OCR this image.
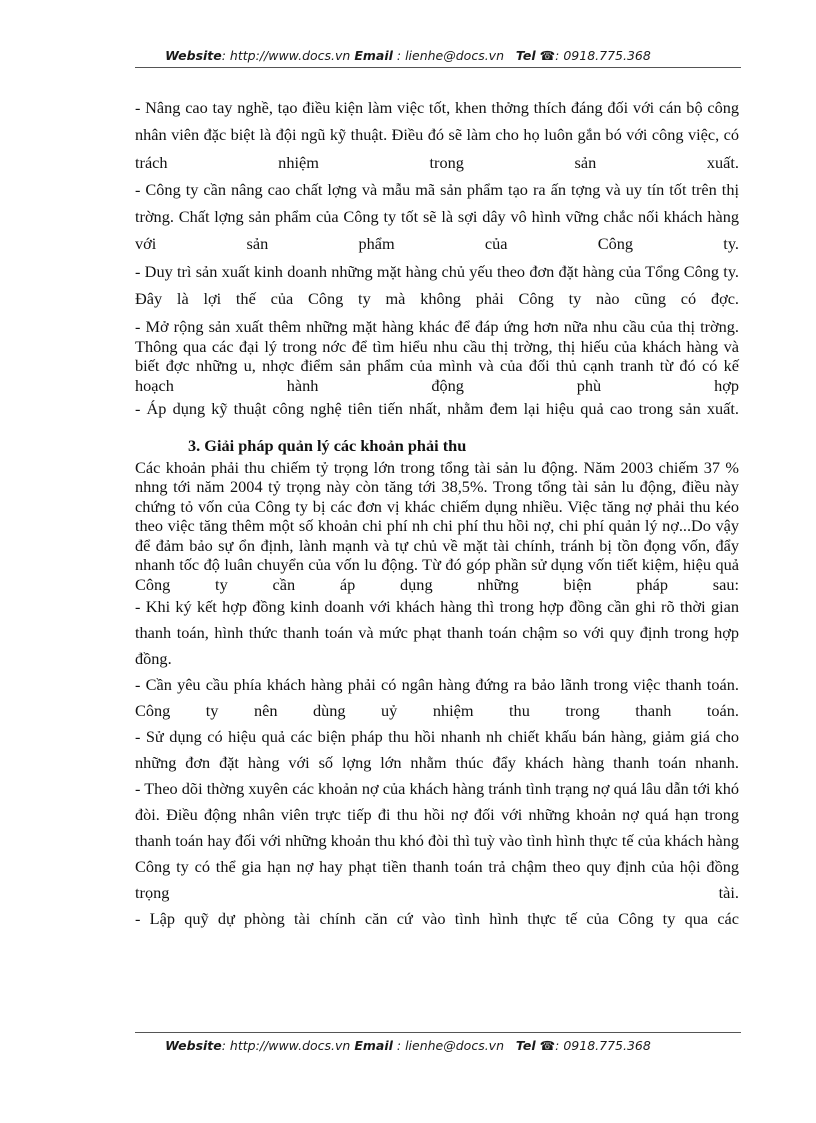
Website: http://www.docs.vn Email : lienhe@docs.vn Tel ☎: 0918.775.368

- Nâng cao tay nghề, tạo điều kiện làm việc tốt, khen thởng thích đáng đối với cán bộ công nhân viên đặc biệt là đội ngũ kỹ thuật. Điều đó sẽ làm cho họ luôn gắn bó với công việc, có trách nhiệm trong sản xuất.

- Công ty cần nâng cao chất lợng và mẫu mã sản phẩm tạo ra ấn tợng và uy tín tốt trên thị trờng. Chất lợng sản phẩm của Công ty tốt sẽ là sợi dây vô hình vững chắc nối khách hàng với sản phẩm của Công ty.

- Duy trì sản xuất kinh doanh những mặt hàng chủ yếu theo đơn đặt hàng của Tổng Công ty. Đây là lợi thế của Công ty mà không phải Công ty nào cũng có đợc.

- Mở rộng sản xuất thêm những mặt hàng khác để đáp ứng hơn nữa nhu cầu của thị trờng. Thông qua các đại lý trong nớc để tìm hiểu nhu cầu thị trờng, thị hiếu của khách hàng và biết đợc những u, nhợc điểm sản phẩm của mình và của đối thủ cạnh tranh từ đó có kế hoạch hành động phù hợp

- Áp dụng kỹ thuật công nghệ tiên tiến nhất, nhằm đem lại hiệu quả cao trong sản xuất.

3. Giải pháp quản lý các khoản phải thu

Các khoản phải thu chiếm tỷ trọng lớn trong tổng tài sản lu động. Năm 2003 chiếm 37 % nhng tới năm 2004 tỷ trọng này còn tăng tới 38,5%. Trong tổng tài sản lu động, điều này chứng tỏ vốn của Công ty bị các đơn vị khác chiếm dụng nhiều. Việc tăng nợ phải thu kéo theo việc tăng thêm một số khoản chi phí nh chi phí thu hồi nợ, chi phí quản lý nợ...Do vậy để đảm bảo sự ổn định, lành mạnh và tự chủ về mặt tài chính, tránh bị tồn đọng vốn, đẩy nhanh tốc độ luân chuyển của vốn lu động. Từ đó góp phần sử dụng vốn tiết kiệm, hiệu quả Công ty cần áp dụng những biện pháp sau:

- Khi ký kết hợp đồng kinh doanh với khách hàng thì trong hợp đồng cần ghi rõ thời gian thanh toán, hình thức thanh toán và mức phạt thanh toán chậm so với quy định trong hợp đồng.

- Cần yêu cầu phía khách hàng phải có ngân hàng đứng ra bảo lãnh trong việc thanh toán. Công ty nên dùng uỷ nhiệm thu trong thanh toán.

- Sử dụng có hiệu quả các biện pháp thu hồi nhanh nh chiết khấu bán hàng, giảm giá cho những đơn đặt hàng với số lợng lớn nhằm thúc đẩy khách hàng thanh toán nhanh.

- Theo dõi thờng xuyên các khoản nợ của khách hàng tránh tình trạng nợ quá lâu dẫn tới khó đòi. Điều động nhân viên trực tiếp đi thu hồi nợ đối với những khoản nợ quá hạn trong thanh toán hay đối với những khoản thu khó đòi thì tuỳ vào tình hình thực tế của khách hàng Công ty có thể gia hạn nợ hay phạt tiền thanh toán trả chậm theo quy định của hội đồng trọng tài.

- Lập quỹ dự phòng tài chính căn cứ vào tình hình thực tế của Công ty qua các

Website: http://www.docs.vn Email : lienhe@docs.vn Tel ☎: 0918.775.368
